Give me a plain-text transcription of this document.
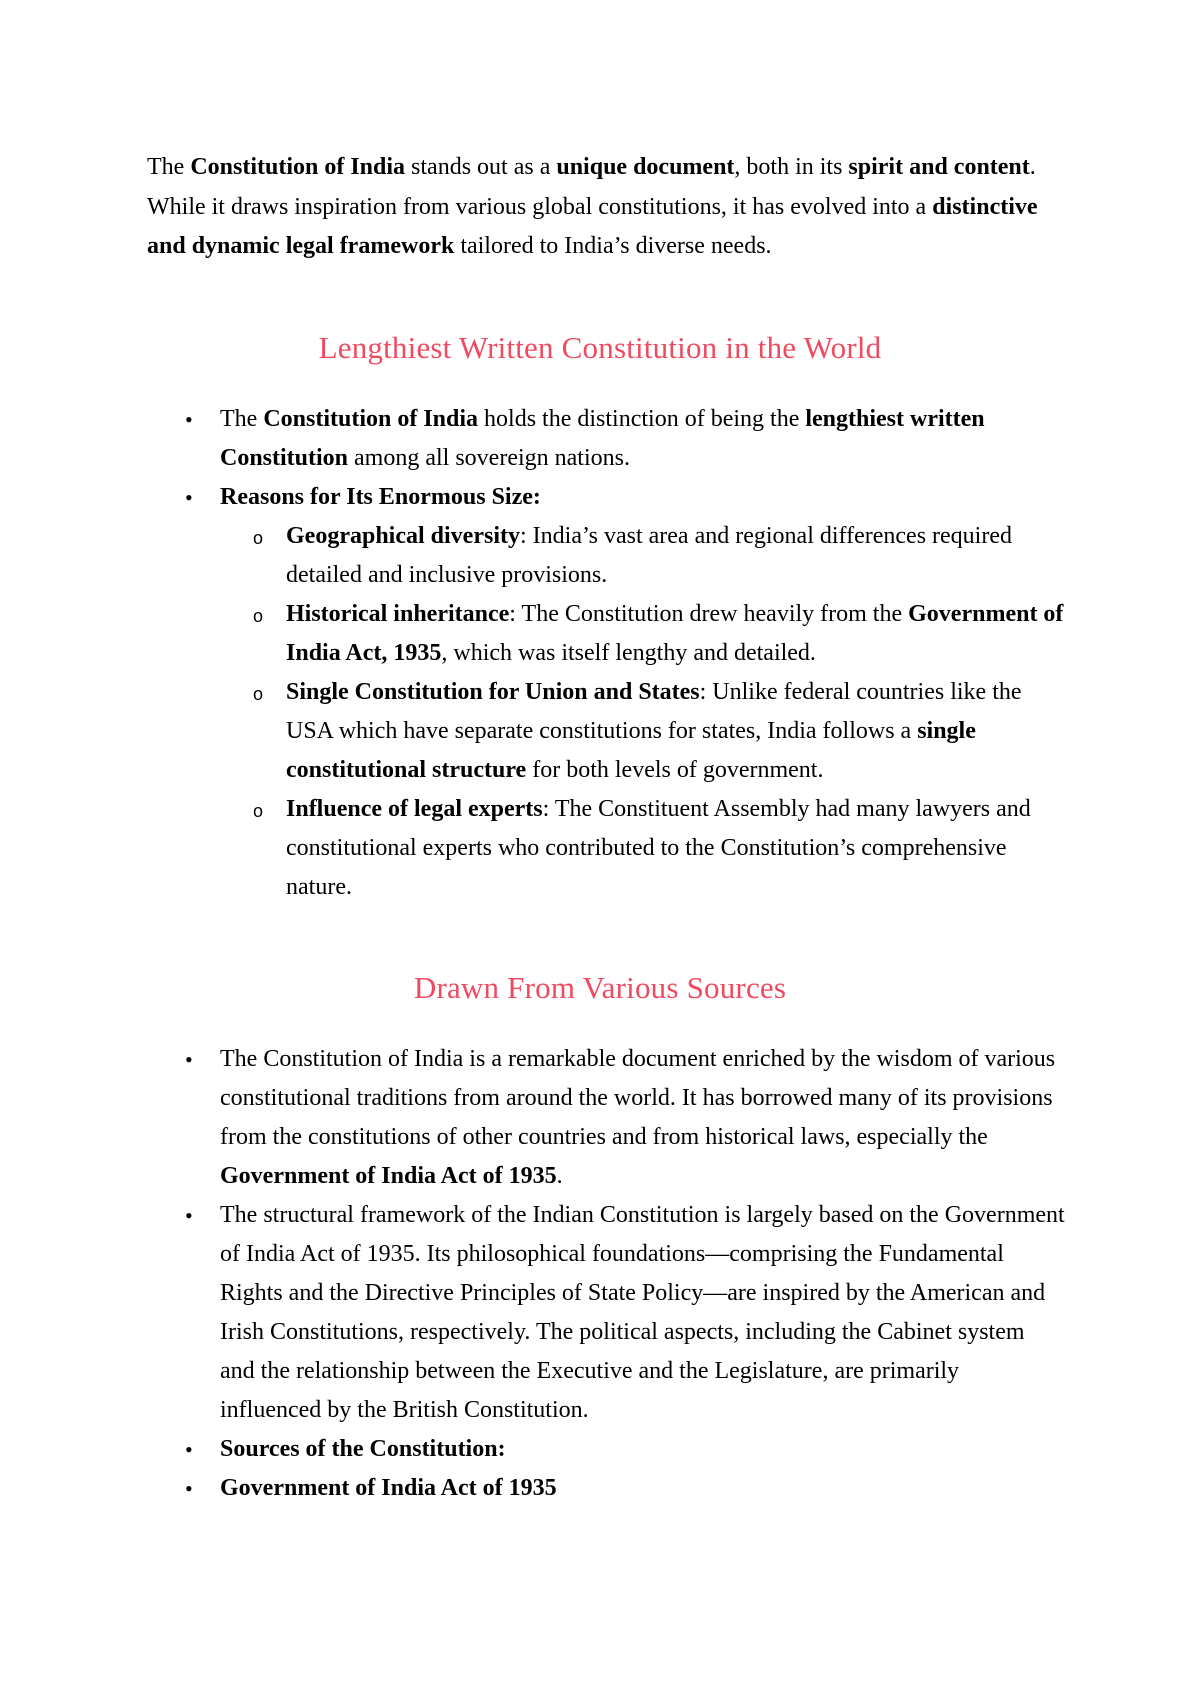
The Constitution of India stands out as a unique document, both in its spirit and content. While it draws inspiration from various global constitutions, it has evolved into a distinctive and dynamic legal framework tailored to India’s diverse needs.

Lengthiest Written Constitution in the World
• The Constitution of India holds the distinction of being the lengthiest written Constitution among all sovereign nations.
• Reasons for Its Enormous Size:
o Geographical diversity: India’s vast area and regional differences required detailed and inclusive provisions.
o Historical inheritance: The Constitution drew heavily from the Government of India Act, 1935, which was itself lengthy and detailed.
o Single Constitution for Union and States: Unlike federal countries like the USA which have separate constitutions for states, India follows a single constitutional structure for both levels of government.
o Influence of legal experts: The Constituent Assembly had many lawyers and constitutional experts who contributed to the Constitution’s comprehensive nature.
Drawn From Various Sources
• The Constitution of India is a remarkable document enriched by the wisdom of various constitutional traditions from around the world. It has borrowed many of its provisions from the constitutions of other countries and from historical laws, especially the Government of India Act of 1935.
• The structural framework of the Indian Constitution is largely based on the Government of India Act of 1935. Its philosophical foundations—comprising the Fundamental Rights and the Directive Principles of State Policy—are inspired by the American and Irish Constitutions, respectively. The political aspects, including the Cabinet system and the relationship between the Executive and the Legislature, are primarily influenced by the British Constitution.
• Sources of the Constitution:
• Government of India Act of 1935
